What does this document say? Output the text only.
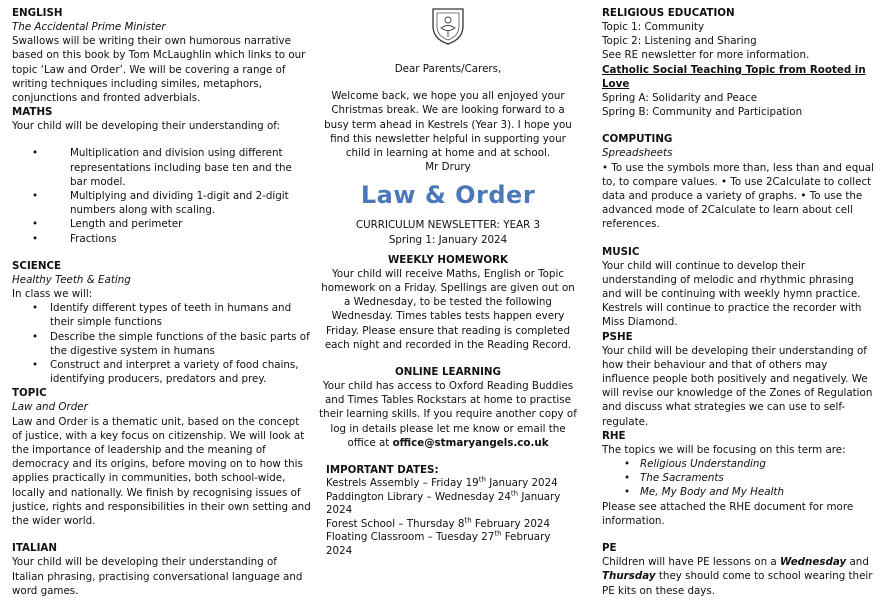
ENGLISH

The Accidental Prime Minister

Swallows will be writing their own humorous narrative based on this book by Tom McLaughlin which links to our topic ‘Law and Order’. We will be covering a range of writing techniques including similes, metaphors, conjunctions and fronted adverbials.

MATHS

Your child will be developing their understanding of:

• Multiplication and division using different representations including base ten and the bar model.
• Multiplying and dividing 1-digit and 2-digit numbers along with scaling.
• Length and perimeter
• Fractions
SCIENCE

Healthy Teeth & Eating

In class we will:

• Identify different types of teeth in humans and their simple functions
• Describe the simple functions of the basic parts of the digestive system in humans
• Construct and interpret a variety of food chains, identifying producers, predators and prey.
TOPIC

Law and Order

Law and Order is a thematic unit, based on the concept of justice, with a key focus on citizenship. We will look at the importance of leadership and the meaning of democracy and its origins, before moving on to how this applies practically in communities, both school-wide, locally and nationally. We finish by recognising issues of justice, rights and responsibilities in their own setting and the wider world.

ITALIAN

Your child will be developing their understanding of Italian phrasing, practising conversational language and word games.

Dear Parents/Carers,

Welcome back, we hope you all enjoyed your Christmas break. We are looking forward to a busy term ahead in Kestrels (Year 3). I hope you find this newsletter helpful in supporting your child in learning at home and at school.

Mr Drury

Law & Order

CURRICULUM NEWSLETTER: YEAR 3

Spring 1: January 2024

WEEKLY HOMEWORK

Your child will receive Maths, English or Topic homework on a Friday. Spellings are given out on a Wednesday, to be tested the following Wednesday. Times tables tests happen every Friday. Please ensure that reading is completed each night and recorded in the Reading Record.

ONLINE LEARNING

Your child has access to Oxford Reading Buddies and Times Tables Rockstars at home to practise their learning skills. If you require another copy of log in details please let me know or email the office at office@stmaryangels.co.uk

IMPORTANT DATES:

Kestrels Assembly – Friday 19th January 2024

Paddington Library – Wednesday 24th January 2024

Forest School – Thursday 8th February 2024

Floating Classroom – Tuesday 27th February 2024

RELIGIOUS EDUCATION

Topic 1: Community

Topic 2: Listening and Sharing

See RE newsletter for more information.

Catholic Social Teaching Topic from Rooted in Love

Spring A: Solidarity and Peace

Spring B: Community and Participation

COMPUTING

Spreadsheets

• To use the symbols more than, less than and equal to, to compare values. • To use 2Calculate to collect data and produce a variety of graphs. • To use the advanced mode of 2Calculate to learn about cell references.

MUSIC

Your child will continue to develop their understanding of melodic and rhythmic phrasing and will be continuing with weekly hymn practice. Kestrels will continue to practice the recorder with Miss Diamond.

PSHE

Your child will be developing their understanding of how their behaviour and that of others may influence people both positively and negatively. We will revise our knowledge of the Zones of Regulation and discuss what strategies we can use to self-regulate.

RHE

The topics we will be focusing on this term are:

• Religious Understanding
• The Sacraments
• Me, My Body and My Health

Please see attached the RHE document for more information.

PE

Children will have PE lessons on a Wednesday and Thursday they should come to school wearing their PE kits on these days.
